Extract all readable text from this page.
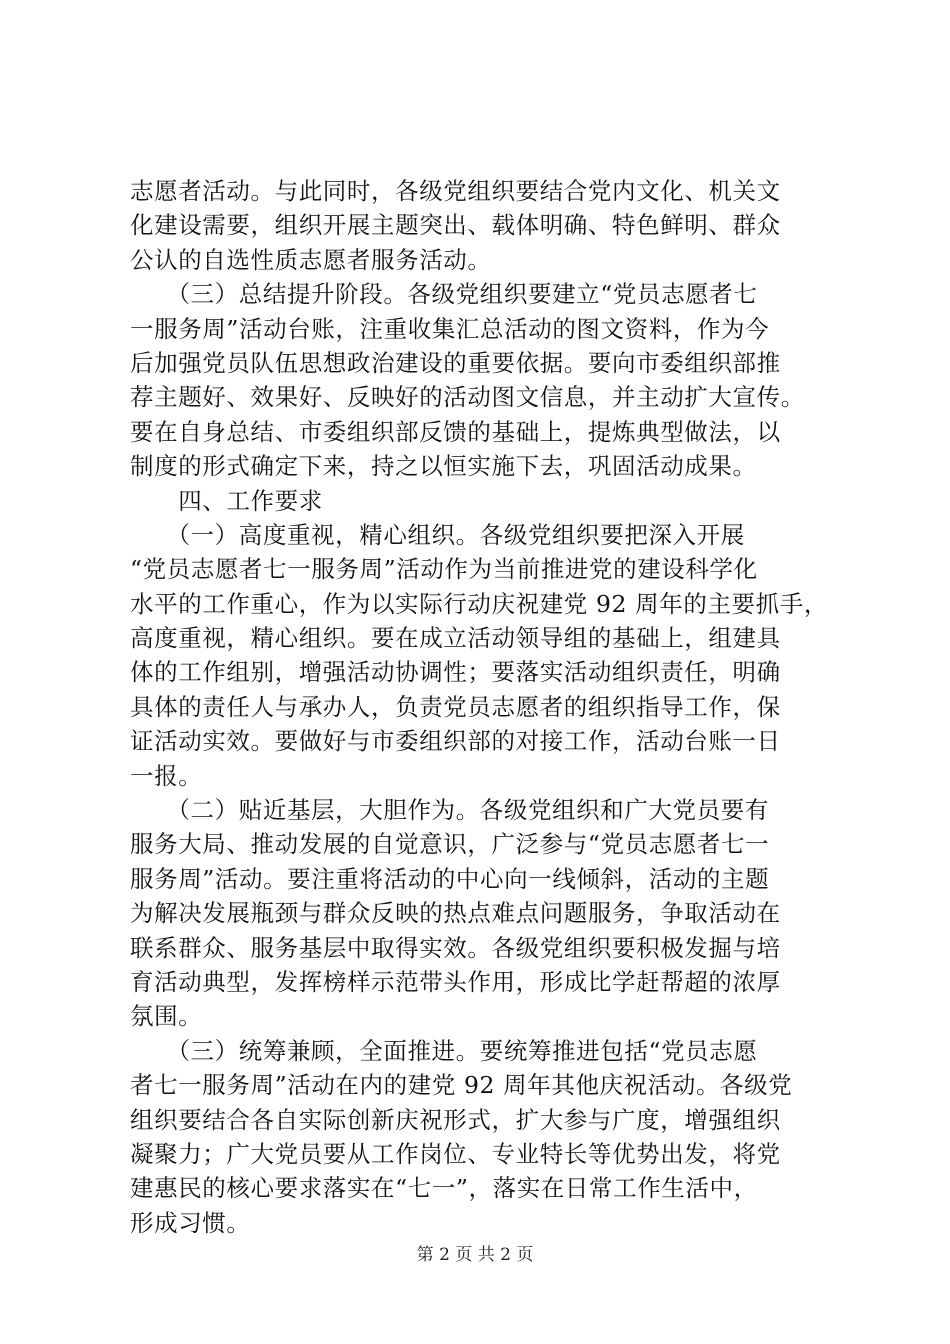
志愿者活动。与此同时，各级党组织要结合党内文化、机关文
化建设需要，组织开展主题突出、载体明确、特色鲜明、群众
公认的自选性质志愿者服务活动。
　　（三）总结提升阶段。各级党组织要建立“党员志愿者七
一服务周”活动台账，注重收集汇总活动的图文资料，作为今
后加强党员队伍思想政治建设的重要依据。要向市委组织部推
荐主题好、效果好、反映好的活动图文信息，并主动扩大宣传。
要在自身总结、市委组织部反馈的基础上，提炼典型做法，以
制度的形式确定下来，持之以恒实施下去，巩固活动成果。
　　四、工作要求
　　（一）高度重视，精心组织。各级党组织要把深入开展
“党员志愿者七一服务周”活动作为当前推进党的建设科学化
水平的工作重心，作为以实际行动庆祝建党 92 周年的主要抓手，
高度重视，精心组织。要在成立活动领导组的基础上，组建具
体的工作组别，增强活动协调性；要落实活动组织责任，明确
具体的责任人与承办人，负责党员志愿者的组织指导工作，保
证活动实效。要做好与市委组织部的对接工作，活动台账一日
一报。
　　（二）贴近基层，大胆作为。各级党组织和广大党员要有
服务大局、推动发展的自觉意识，广泛参与“党员志愿者七一
服务周”活动。要注重将活动的中心向一线倾斜，活动的主题
为解决发展瓶颈与群众反映的热点难点问题服务，争取活动在
联系群众、服务基层中取得实效。各级党组织要积极发掘与培
育活动典型，发挥榜样示范带头作用，形成比学赶帮超的浓厚
氛围。
　　（三）统筹兼顾，全面推进。要统筹推进包括“党员志愿
者七一服务周”活动在内的建党 92 周年其他庆祝活动。各级党
组织要结合各自实际创新庆祝形式，扩大参与广度，增强组织
凝聚力；广大党员要从工作岗位、专业特长等优势出发，将党
建惠民的核心要求落实在“七一”，落实在日常工作生活中，
形成习惯。
第 2 页 共 2 页
